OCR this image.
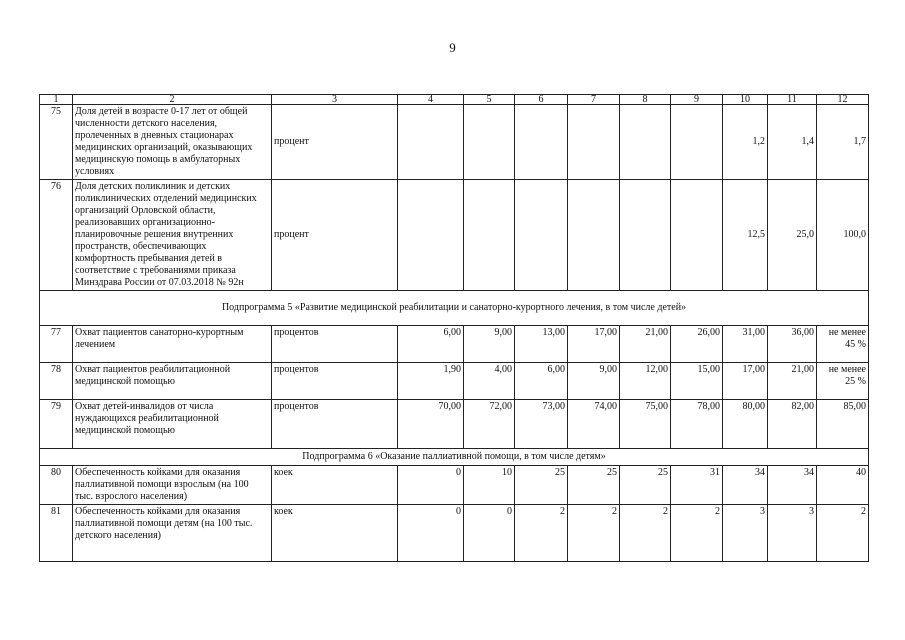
9
1	2	3	4	5	6	7	8	9	10	11	12
75	Доля детей в возрасте 0-17 лет от общей численности детского населения, пролеченных в дневных стационарах медицинских организаций, оказывающих медицинскую помощь в амбулаторных условиях	процент							1,2	1,4	1,7
76	Доля детских поликлиник и детских поликлинических отделений медицинских организаций Орловской области, реализовавших организационно-планировочные решения внутренних пространств, обеспечивающих комфортность пребывания детей в соответствие с требованиями приказа Минздрава России от 07.03.2018 № 92н	процент							12,5	25,0	100,0
Подпрограмма 5 «Развитие медицинской реабилитации и санаторно-курортного лечения, в том числе детей»											
77	Охват пациентов санаторно-курортным лечением	процентов	6,00	9,00	13,00	17,00	21,00	26,00	31,00	36,00	не менее 45 %
78	Охват пациентов реабилитационной медицинской помощью	процентов	1,90	4,00	6,00	9,00	12,00	15,00	17,00	21,00	не менее 25 %
79	Охват детей-инвалидов от числа нуждающихся реабилитационной медицинской помощью	процентов	70,00	72,00	73,00	74,00	75,00	78,00	80,00	82,00	85,00
Подпрограмма 6 «Оказание паллиативной помощи, в том числе детям»											
80	Обеспеченность койками для оказания паллиативной помощи взрослым (на 100 тыс. взрослого населения)	коек	0	10	25	25	25	31	34	34	40
81	Обеспеченность койками для оказания паллиативной помощи детям (на 100 тыс. детского населения)	коек	0	0	2	2	2	2	3	3	2
